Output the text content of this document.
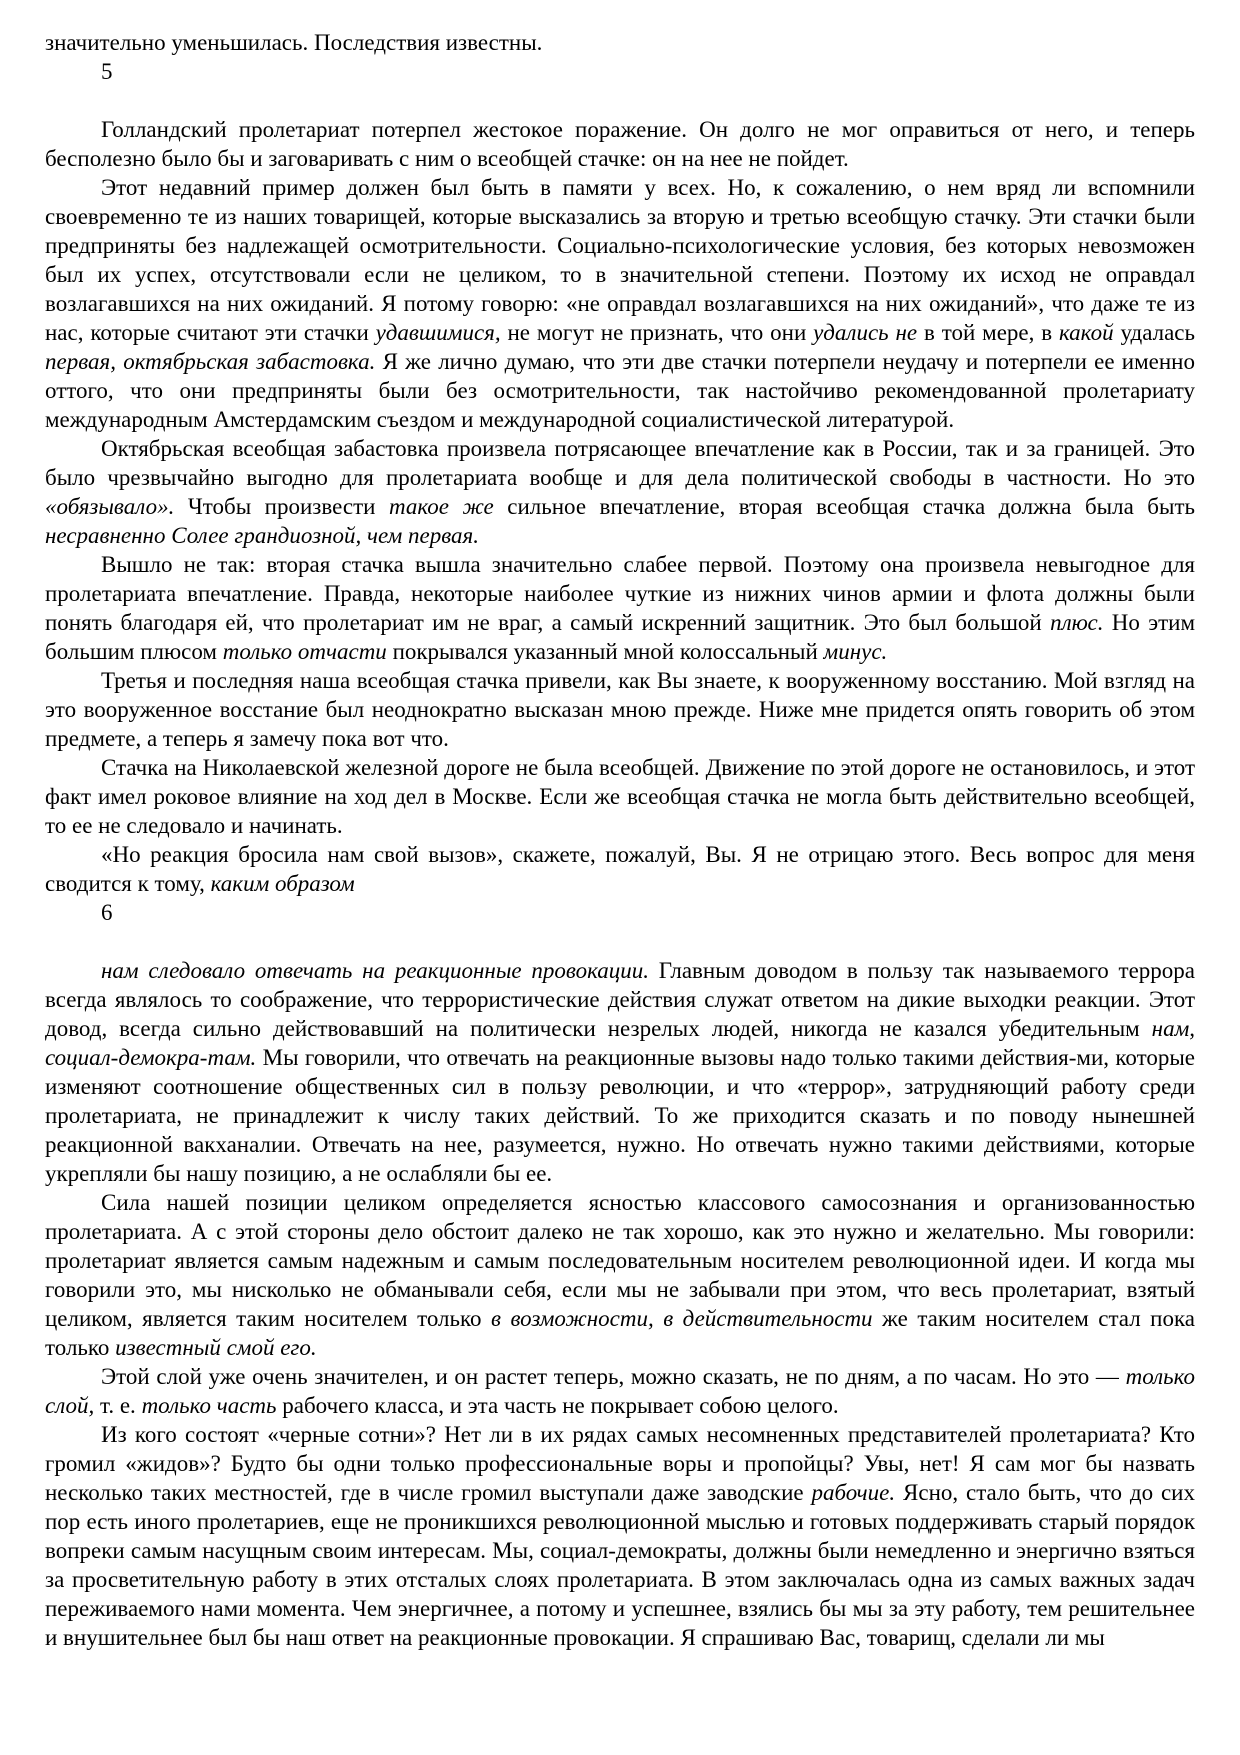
значительно уменьшилась. Последствия известны.

5

Голландский пролетариат потерпел жестокое поражение. Он долго не мог оправиться от него, и теперь бесполезно было бы и заговаривать с ним о всеобщей стачке: он на нее не пойдет.

Этот недавний пример должен был быть в памяти у всех. Но, к сожалению, о нем вряд ли вспомнили своевременно те из наших товарищей, которые высказались за вторую и третью всеобщую стачку. Эти стачки были предприняты без надлежащей осмотрительности. Социально-психологические условия, без которых невозможен был их успех, отсутствовали если не целиком, то в значительной степени. Поэтому их исход не оправдал возлагавшихся на них ожиданий. Я потому говорю: «не оправдал возлагавшихся на них ожиданий», что даже те из нас, которые считают эти стачки удавшимися, не могут не признать, что они удались не в той мере, в какой удалась первая, октябрьская забастовка. Я же лично думаю, что эти две стачки потерпели неудачу и потерпели ее именно оттого, что они предприняты были без осмотрительности, так настойчиво рекомендованной пролетариату международным Амстердамским съездом и международной социалистической литературой.

Октябрьская всеобщая забастовка произвела потрясающее впечатление как в России, так и за границей. Это было чрезвычайно выгодно для пролетариата вообще и для дела политической свободы в частности. Но это «обязывало». Чтобы произвести такое же сильное впечатление, вторая всеобщая стачка должна была быть несравненно Солее грандиозной, чем первая.

Вышло не так: вторая стачка вышла значительно слабее первой. Поэтому она произвела невыгодное для пролетариата впечатление. Правда, некоторые наиболее чуткие из нижних чинов армии и флота должны были понять благодаря ей, что пролетариат им не враг, а самый искренний защитник. Это был большой плюс. Но этим большим плюсом только отчасти покрывался указанный мной колоссальный минус.

Третья и последняя наша всеобщая стачка привели, как Вы знаете, к вооруженному восстанию. Мой взгляд на это вооруженное восстание был неоднократно высказан мною прежде. Ниже мне придется опять говорить об этом предмете, а теперь я замечу пока вот что.

Стачка на Николаевской железной дороге не была всеобщей. Движение по этой дороге не остановилось, и этот факт имел роковое влияние на ход дел в Москве. Если же всеобщая стачка не могла быть действительно всеобщей, то ее не следовало и начинать.

«Но реакция бросила нам свой вызов», скажете, пожалуй, Вы. Я не отрицаю этого. Весь вопрос для меня сводится к тому, каким образом

6

нам следовало отвечать на реакционные провокации. Главным доводом в пользу так называемого террора всегда являлось то соображение, что террористические действия служат ответом на дикие выходки реакции. Этот довод, всегда сильно действовавший на политически незрелых людей, никогда не казался убедительным нам, социал-демокра-там. Мы говорили, что отвечать на реакционные вызовы надо только такими действия-ми, которые изменяют соотношение общественных сил в пользу революции, и что «террор», затрудняющий работу среди пролетариата, не принадлежит к числу таких действий. То же приходится сказать и по поводу нынешней реакционной вакханалии. Отвечать на нее, разумеется, нужно. Но отвечать нужно такими действиями, которые укрепляли бы нашу позицию, а не ослабляли бы ее.

Сила нашей позиции целиком определяется ясностью классового самосознания и организованностью пролетариата. А с этой стороны дело обстоит далеко не так хорошо, как это нужно и желательно. Мы говорили: пролетариат является самым надежным и самым последовательным носителем революционной идеи. И когда мы говорили это, мы нисколько не обманывали себя, если мы не забывали при этом, что весь пролетариат, взятый целиком, является таким носителем только в возможности, в действительности же таким носителем стал пока только известный смой его.

Этой слой уже очень значителен, и он растет теперь, можно сказать, не по дням, а по часам. Но это — только слой, т. е. только часть рабочего класса, и эта часть не покрывает собою целого.

Из кого состоят «черные сотни»? Нет ли в их рядах самых несомненных представителей пролетариата? Кто громил «жидов»? Будто бы одни только профессиональные воры и пропойцы? Увы, нет! Я сам мог бы назвать несколько таких местностей, где в числе громил выступали даже заводские рабочие. Ясно, стало быть, что до сих пор есть иного пролетариев, еще не проникшихся революционной мыслью и готовых поддерживать старый порядок вопреки самым насущным своим интересам. Мы, социал-демократы, должны были немедленно и энергично взяться за просветительную работу в этих отсталых слоях пролетариата. В этом заключалась одна из самых важных задач переживаемого нами момента. Чем энергичнее, а потому и успешнее, взялись бы мы за эту работу, тем решительнее и внушительнее был бы наш ответ на реакционные провокации. Я спрашиваю Вас, товарищ, сделали ли мы
